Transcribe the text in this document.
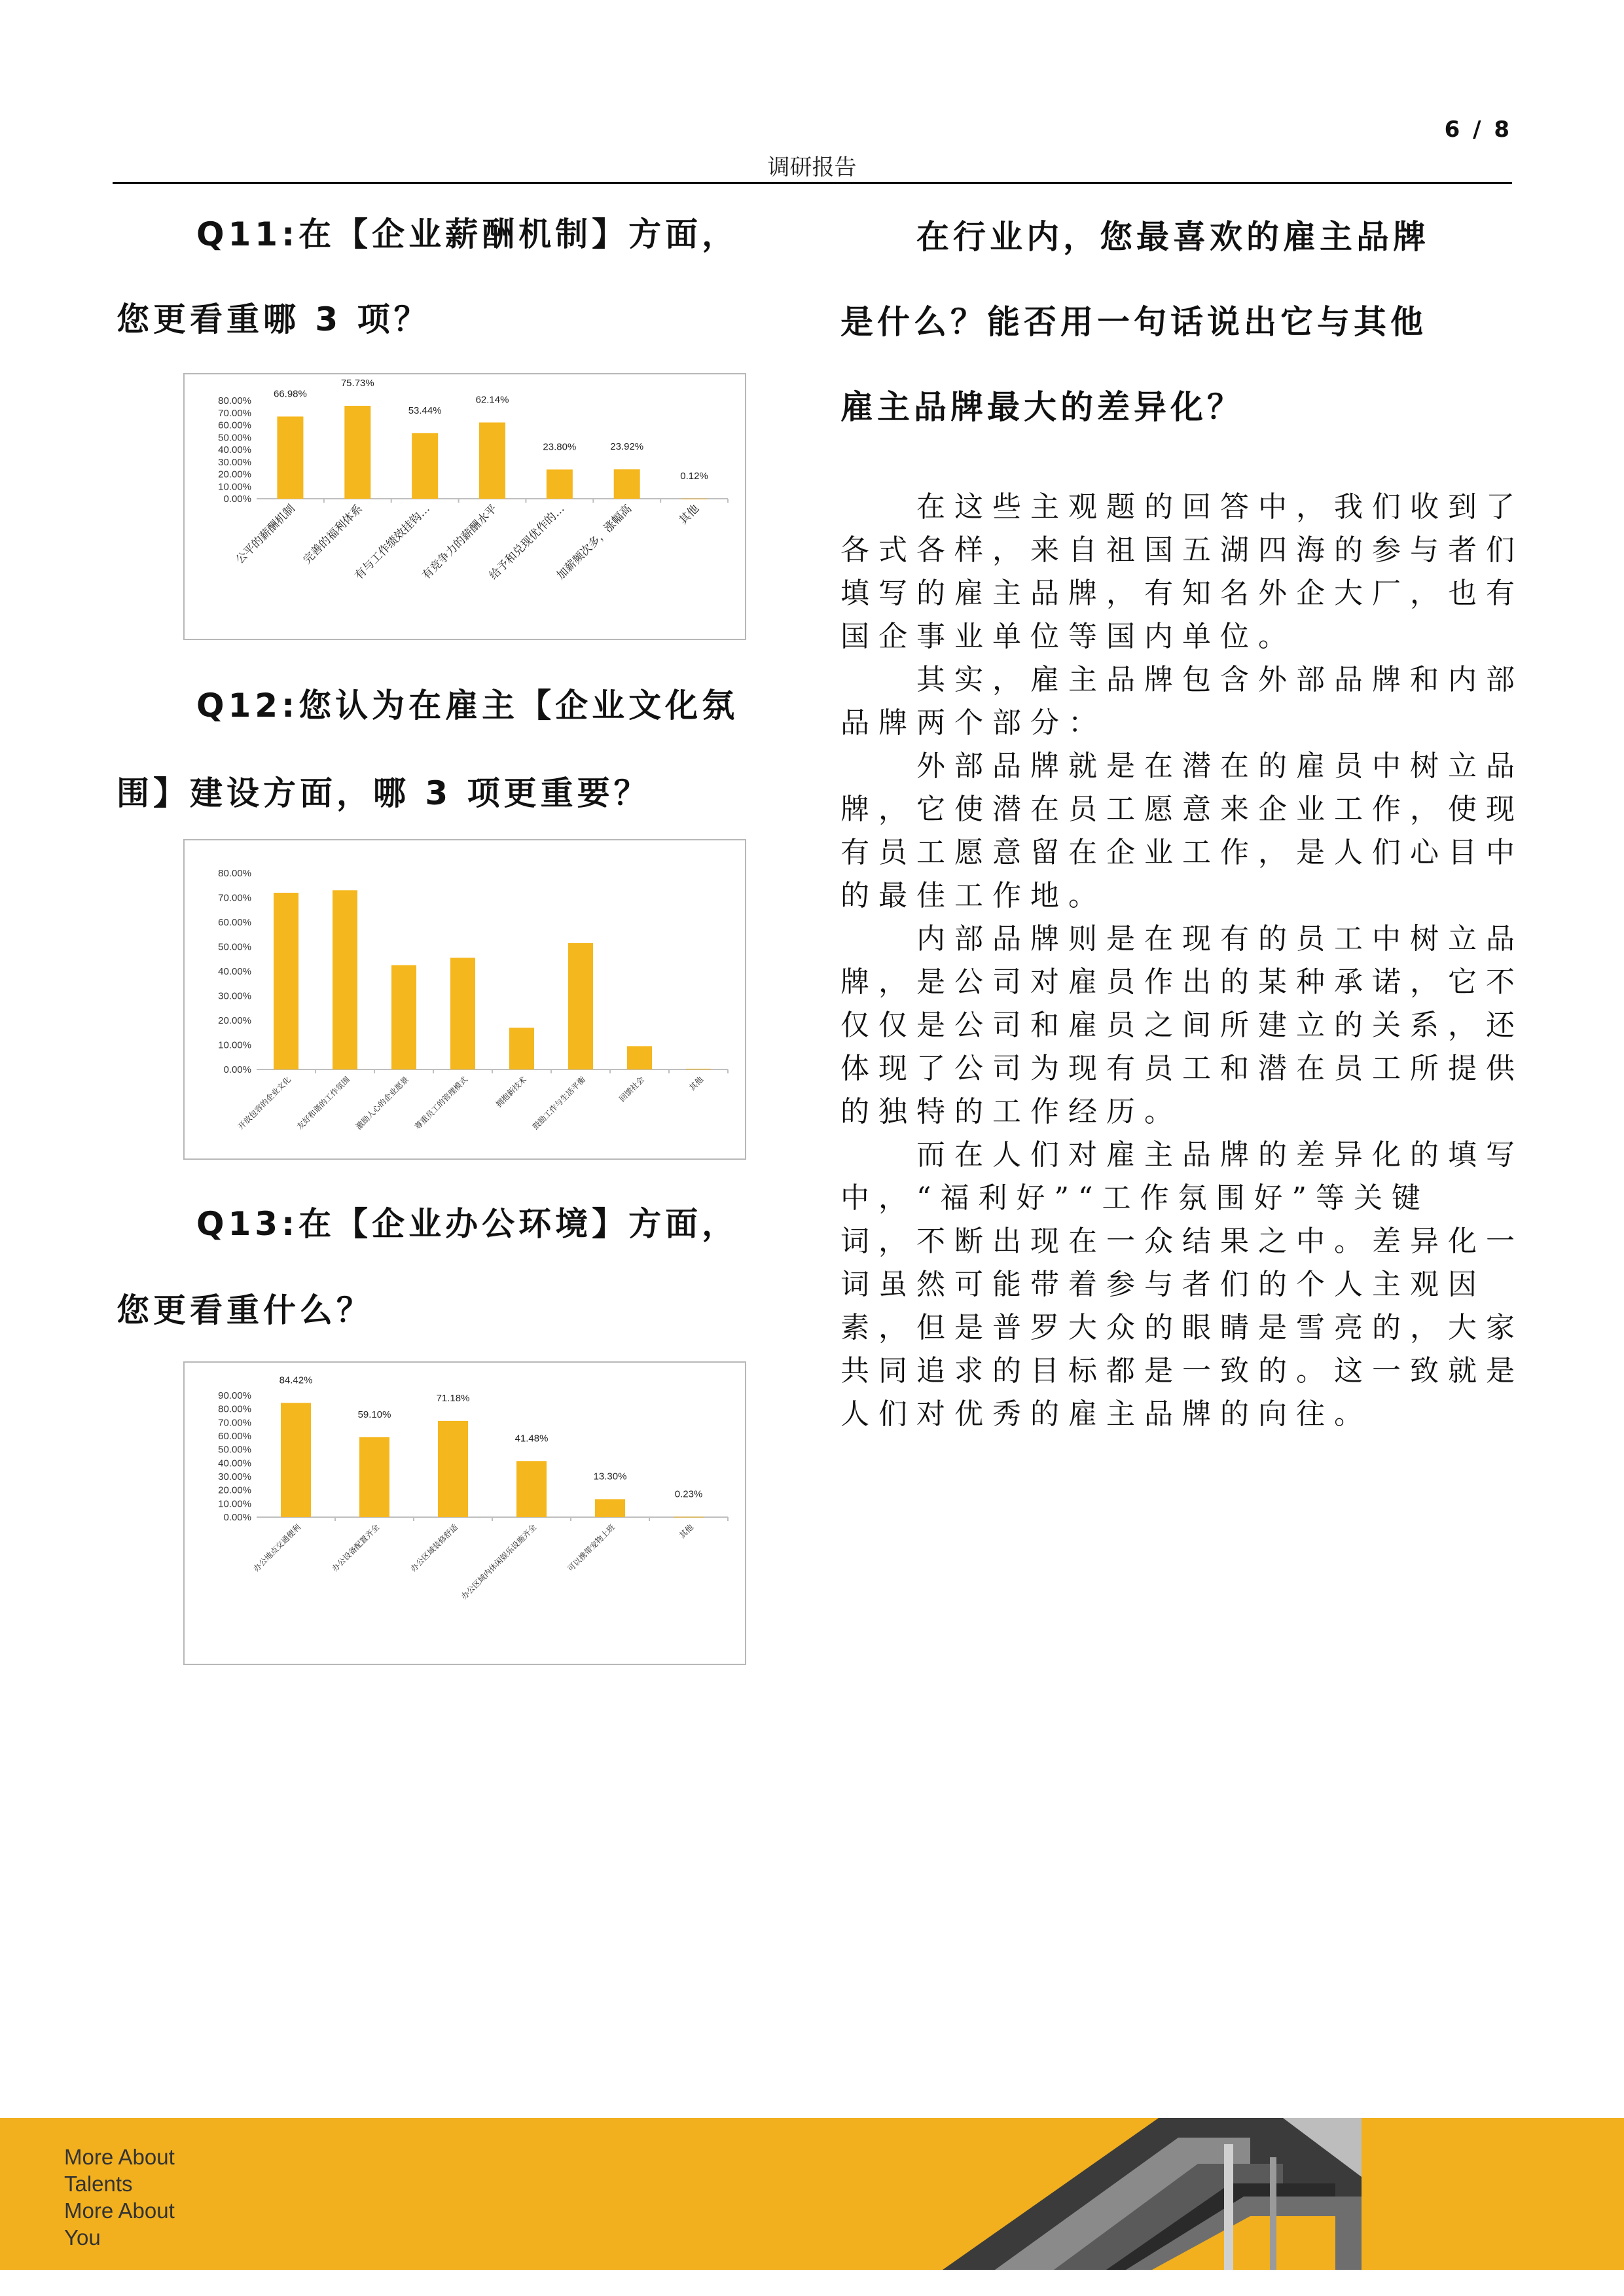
6 / 8
调研报告
Q11:在【企业薪酬机制】方面，
您更看重哪 3 项？
0.00%
10.00%
20.00%
30.00%
40.00%
50.00%
60.00%
70.00%
80.00%
66.98%
公平的薪酬机制
75.73%
完善的福利体系
53.44%
有与工作绩效挂钩…
62.14%
有竞争力的薪酬水平
23.80%
给予和兑现优作的…
23.92%
加薪频次多，涨幅高
0.12%
其他
Q12:您认为在雇主【企业文化氛
围】建设方面，哪 3 项更重要？
0.00%
10.00%
20.00%
30.00%
40.00%
50.00%
60.00%
70.00%
80.00%
开放包容的企业文化 友好和谐的工作氛围 激励人心的企业愿景 尊重员工的管理模式	拥抱新技术 鼓励工作与生活平衡	回馈社会	其他
Q13:在【企业办公环境】方面，
您更看重什么？
0.00%
10.00%
20.00%
30.00%
40.00%
50.00%
60.00%
70.00%
80.00%
90.00%
84.42%
办公地点交通便利
59.10%
办公设备配置齐全
71.18%
办公区域装修舒适
41.48%
办公区域内休闲娱乐设施齐全
13.30%
可以携带宠物上班
0.23%
其他
在行业内，您最喜欢的雇主品牌
是什么？能否用一句话说出它与其他
雇主品牌最大的差异化？
　　在这些主观题的回答中，我们收到了
各式各样，来自祖国五湖四海的参与者们
填写的雇主品牌，有知名外企大厂，也有
国企事业单位等国内单位。
　　其实，雇主品牌包含外部品牌和内部
品牌两个部分：
　　外部品牌就是在潜在的雇员中树立品
牌，它使潜在员工愿意来企业工作，使现
有员工愿意留在企业工作，是人们心目中
的最佳工作地。
　　内部品牌则是在现有的员工中树立品
牌，是公司对雇员作出的某种承诺，它不
仅仅是公司和雇员之间所建立的关系，还
体现了公司为现有员工和潜在员工所提供
的独特的工作经历。
　　而在人们对雇主品牌的差异化的填写
中，“福利好”“工作氛围好”等关键
词，不断出现在一众结果之中。差异化一
词虽然可能带着参与者们的个人主观因
素，但是普罗大众的眼睛是雪亮的，大家
共同追求的目标都是一致的。这一致就是
人们对优秀的雇主品牌的向往。
More About
Talents
More About
You
